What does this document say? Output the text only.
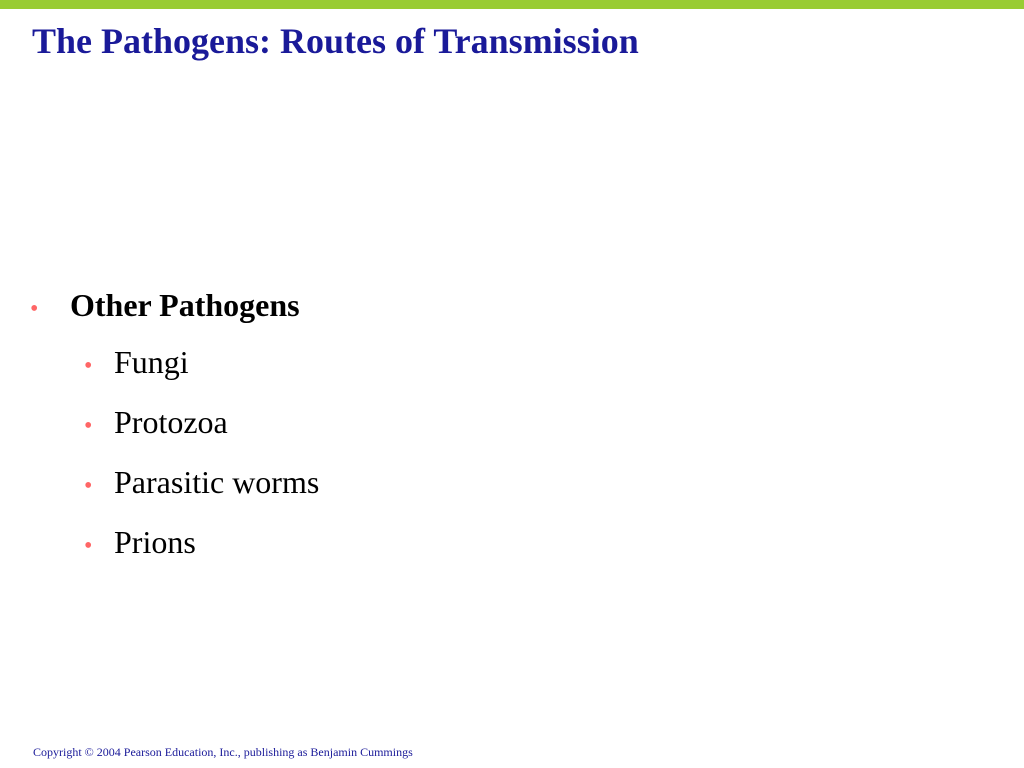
The Pathogens: Routes of Transmission
• Other Pathogens
• Fungi
• Protozoa
• Parasitic worms
• Prions

Copyright © 2004 Pearson Education, Inc., publishing as Benjamin Cummings
